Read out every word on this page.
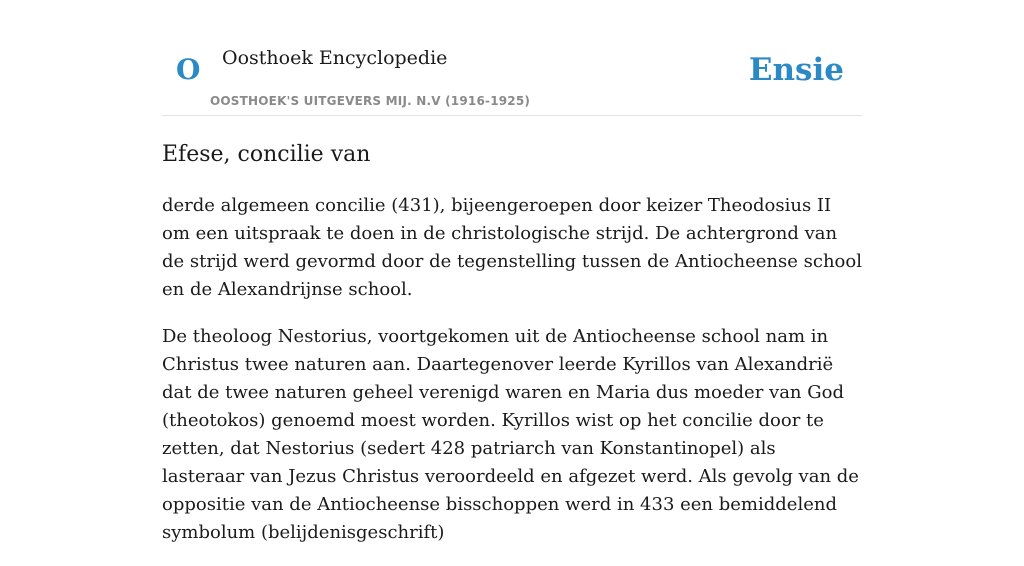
O Oosthoek Encyclopedie
OOSTHOEK'S UITGEVERS MIJ. N.V (1916-1925)
Ensie
Efese, concilie van

derde algemeen concilie (431), bijeengeroepen door keizer Theodosius II om een uitspraak te doen in de christologische strijd. De achtergrond van de strijd werd gevormd door de tegenstelling tussen de Antiocheense school en de Alexandrijnse school.

De theoloog Nestorius, voortgekomen uit de Antiocheense school nam in Christus twee naturen aan. Daartegenover leerde Kyrillos van Alexandrië dat de twee naturen geheel verenigd waren en Maria dus moeder van God (theotokos) genoemd moest worden. Kyrillos wist op het concilie door te zetten, dat Nestorius (sedert 428 patriarch van Konstantinopel) als lasteraar van Jezus Christus veroordeeld en afgezet werd. Als gevolg van de oppositie van de Antiocheense bisschoppen werd in 433 een bemiddelend symbolum (belijdenisgeschrift)
